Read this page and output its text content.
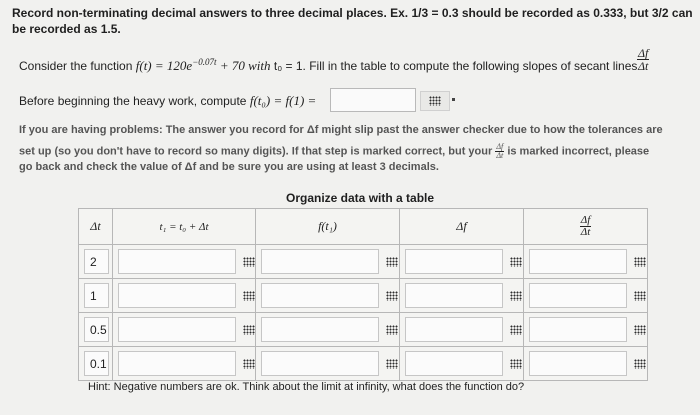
Record non-terminating decimal answers to three decimal places. Ex. 1/3 = 0.3 should be recorded as 0.333, but 3/2 can
be recorded as 1.5.
Consider the function $f(t) = 120e^{-0.07t} + 70$ with t₀ = 1. Fill in the table to compute the following slopes of secant lines $\frac{\Delta f}{\Delta t}$
Before beginning the heavy work, compute f(t₀) = f(1) =
If you are having problems: The answer you record for Δf might slip past the answer checker due to how the tolerances are
set up (so you don't have to record so many digits). If that step is marked correct, but your $\frac{\Delta f}{\Delta t}$ is marked incorrect, please
go back and check the value of Δf and be sure you are using at least 3 decimals.
Organize data with a table
Δt	t₁ = t₀ + Δt	f(t₁)	Δf	$\frac{\Delta f}{\Delta t}$

2

1

0.5

0.1

Hint: Negative numbers are ok. Think about the limit at infinity, what does the function do?
